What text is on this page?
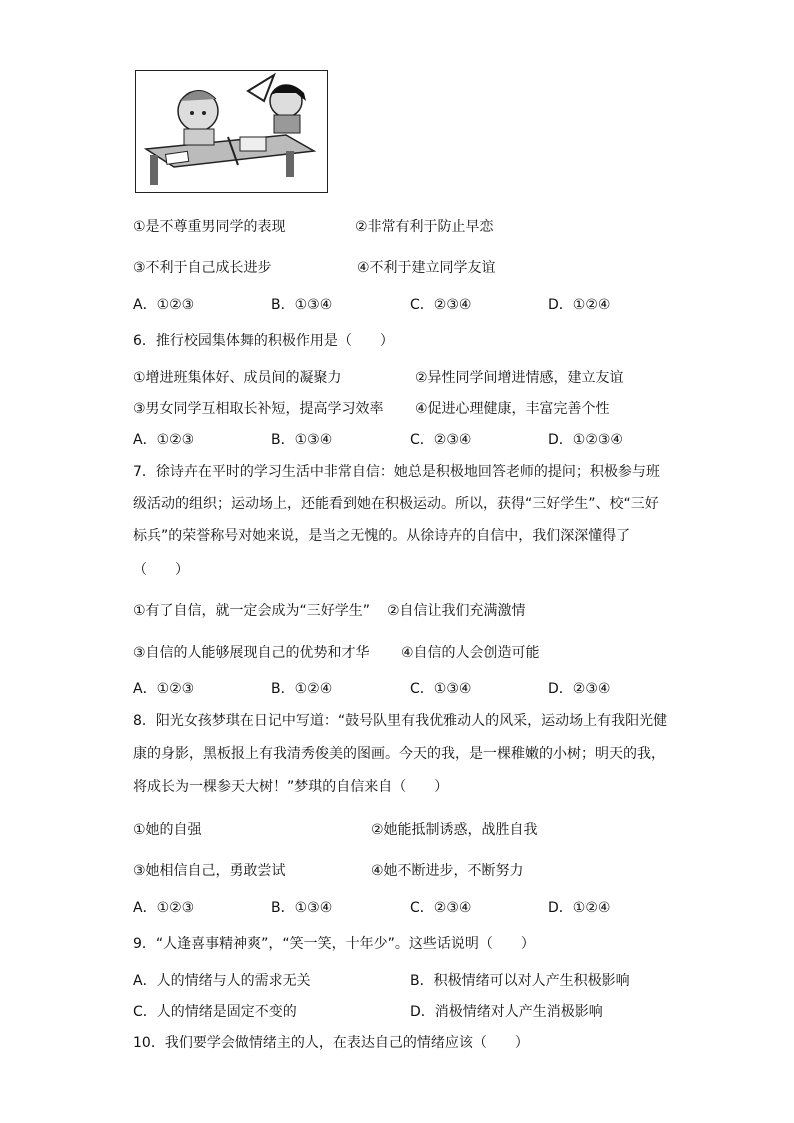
①是不尊重男同学的表现	②非常有利于防止早恋
③不利于自己成长进步	④不利于建立同学友谊
A．①②③	B．①③④	C．②③④	D．①②④
6．推行校园集体舞的积极作用是（　　）
①增进班集体好、成员间的凝聚力	②异性同学间增进情感，建立友谊
③男女同学互相取长补短，提高学习效率 ④促进心理健康，丰富完善个性
A．①②③	B．①③④	C．②③④	D．①②③④
7．徐诗卉在平时的学习生活中非常自信：她总是积极地回答老师的提问；积极参与班
级活动的组织；运动场上，还能看到她在积极运动。所以，获得“三好学生”、校“三好
标兵”的荣誉称号对她来说，是当之无愧的。从徐诗卉的自信中，我们深深懂得了
（　　）
①有了自信，就一定会成为“三好学生” ②自信让我们充满激情
③自信的人能够展现自己的优势和才华 ④自信的人会创造可能
A．①②③	B．①②④	C．①③④	D．②③④
8．阳光女孩梦琪在日记中写道：“鼓号队里有我优雅动人的风采，运动场上有我阳光健
康的身影，黑板报上有我清秀俊美的图画。今天的我，是一棵稚嫩的小树；明天的我，
将成长为一棵参天大树！”梦琪的自信来自（　　）
①她的自强	②她能抵制诱惑，战胜自我
③她相信自己，勇敢尝试	④她不断进步，不断努力
A．①②③	B．①③④	C．②③④	D．①②④
9．“人逢喜事精神爽”，“笑一笑，十年少”。这些话说明（　　）
A．人的情绪与人的需求无关	B．积极情绪可以对人产生积极影响
C．人的情绪是固定不变的	D．消极情绪对人产生消极影响
10．我们要学会做情绪主的人，在表达自己的情绪应该（　　）
